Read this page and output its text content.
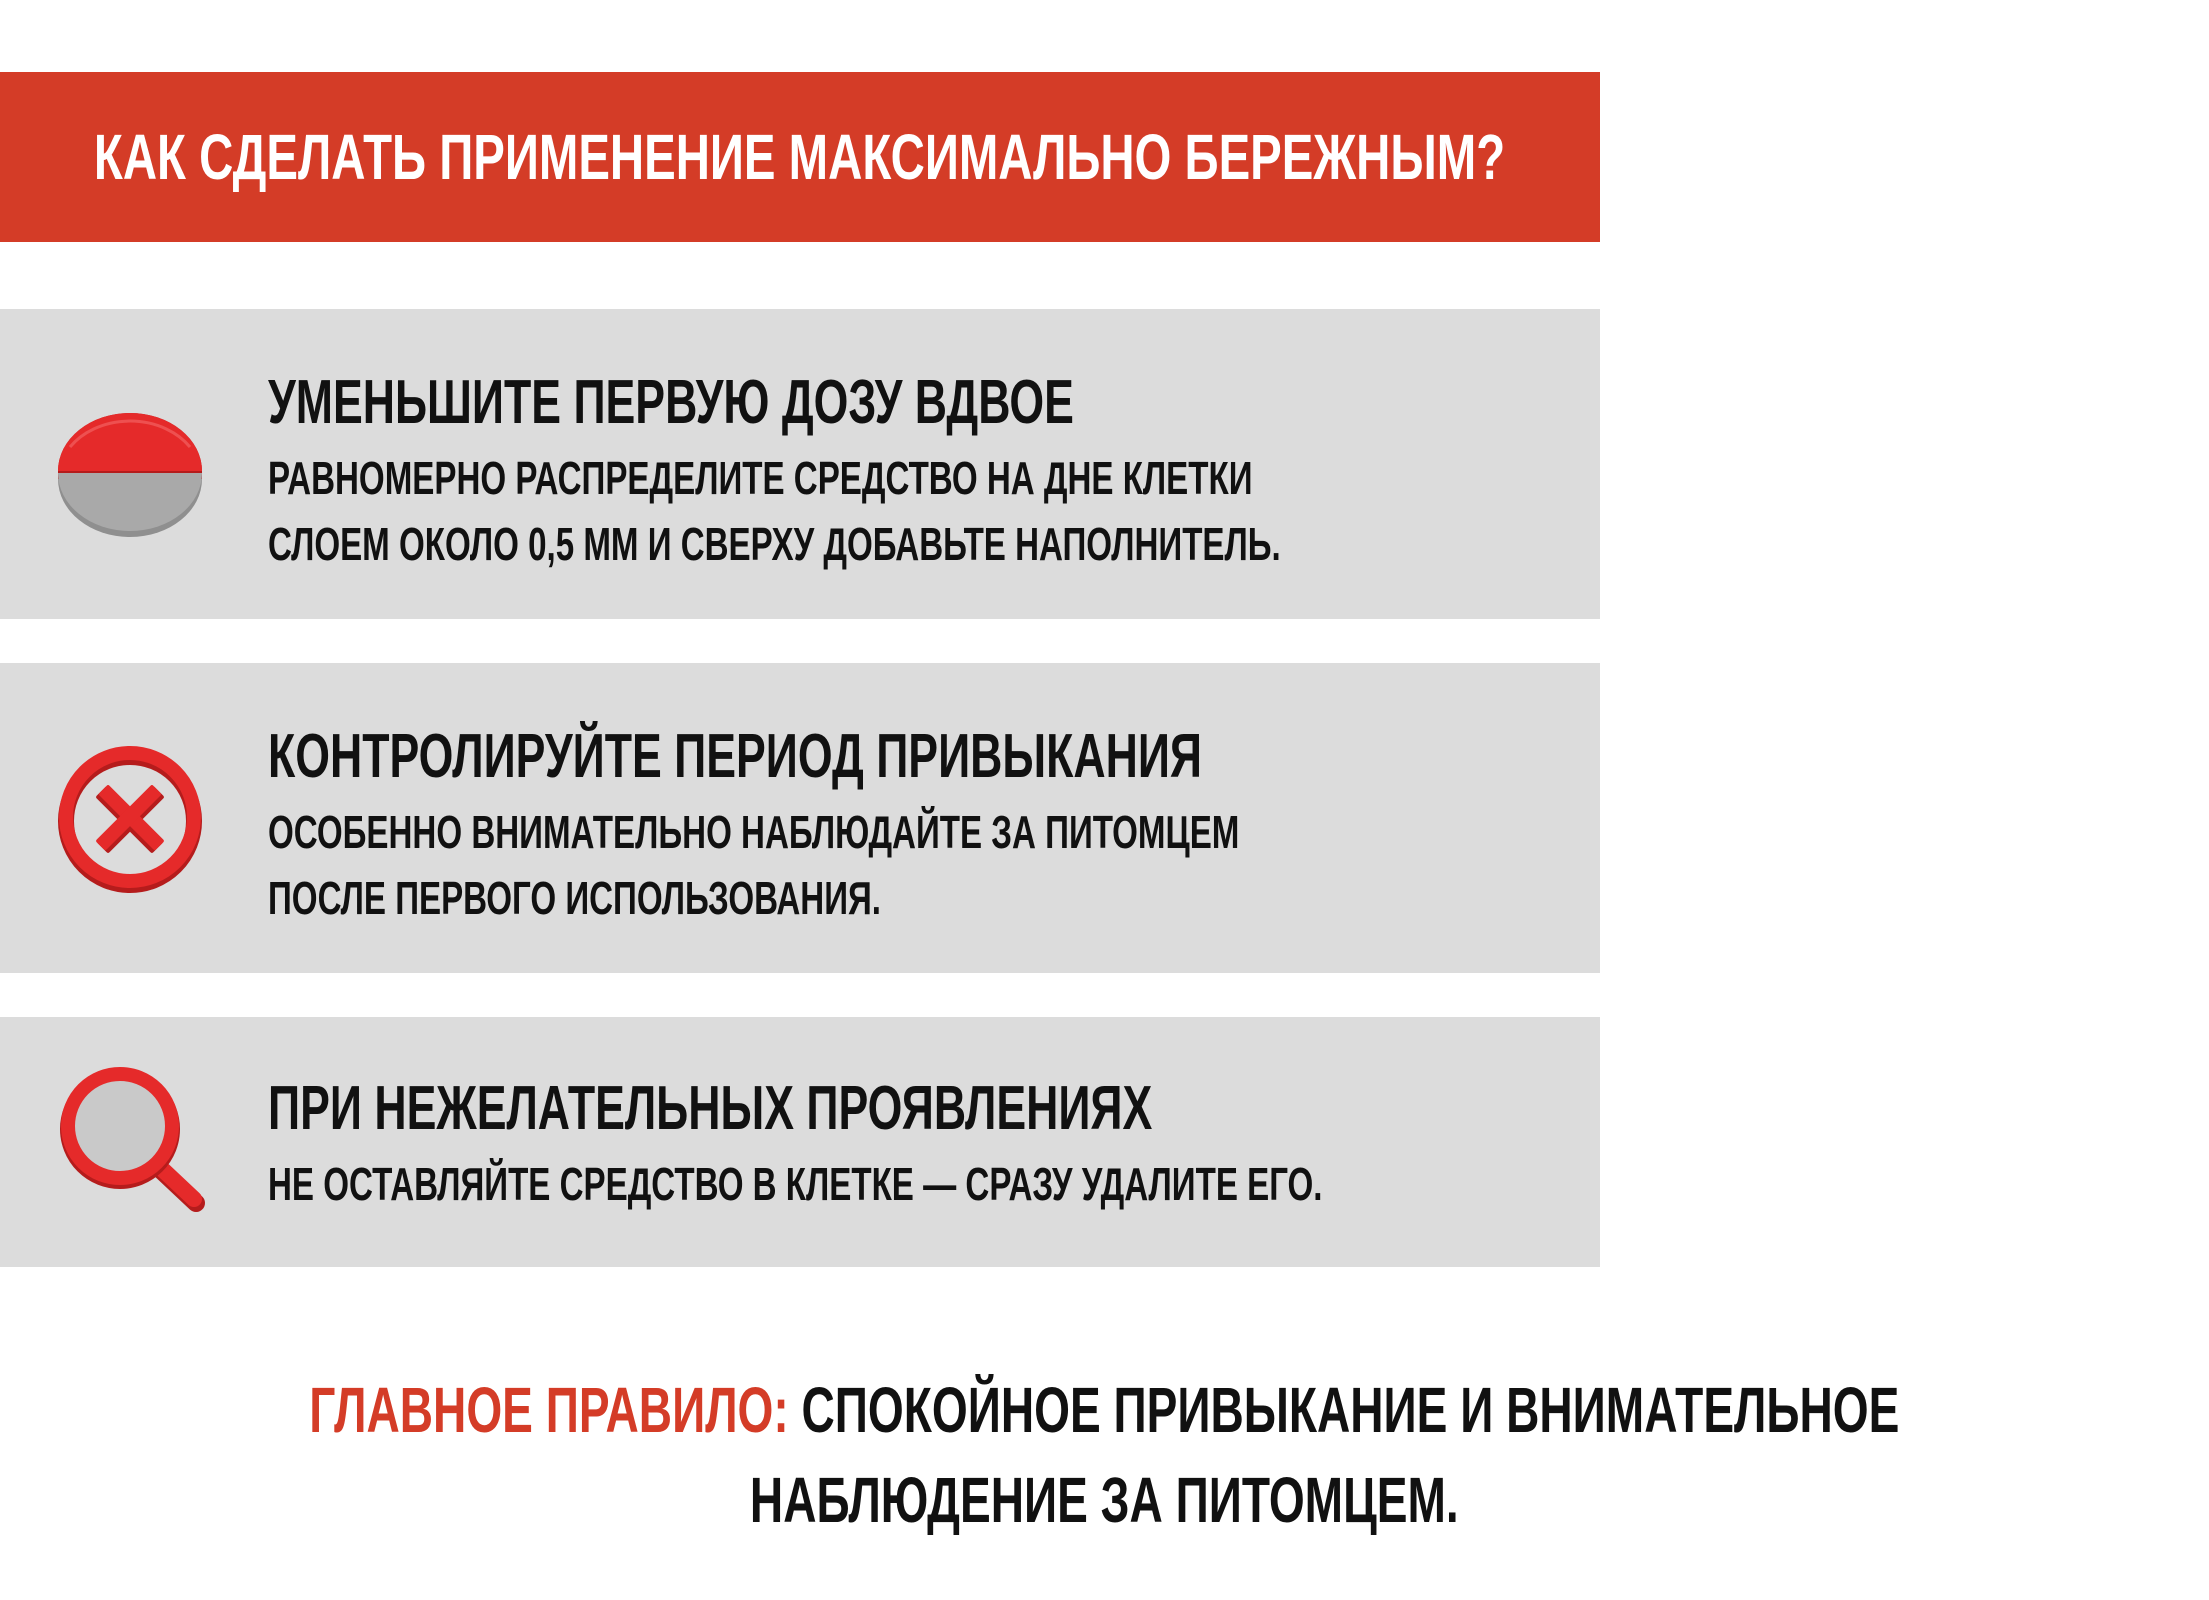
КАК СДЕЛАТЬ ПРИМЕНЕНИЕ МАКСИМАЛЬНО БЕРЕЖНЫМ?
УМЕНЬШИТЕ ПЕРВУЮ ДОЗУ ВДВОЕ
РАВНОМЕРНО РАСПРЕДЕЛИТЕ СРЕДСТВО НА ДНЕ КЛЕТКИ
СЛОЕМ ОКОЛО 0,5 ММ И СВЕРХУ ДОБАВЬТЕ НАПОЛНИТЕЛЬ.
КОНТРОЛИРУЙТЕ ПЕРИОД ПРИВЫКАНИЯ
ОСОБЕННО ВНИМАТЕЛЬНО НАБЛЮДАЙТЕ ЗА ПИТОМЦЕМ
ПОСЛЕ ПЕРВОГО ИСПОЛЬЗОВАНИЯ.
ПРИ НЕЖЕЛАТЕЛЬНЫХ ПРОЯВЛЕНИЯХ
НЕ ОСТАВЛЯЙТЕ СРЕДСТВО В КЛЕТКЕ — СРАЗУ УДАЛИТЕ ЕГО.
ГЛАВНОЕ ПРАВИЛО: СПОКОЙНОЕ ПРИВЫКАНИЕ И ВНИМАТЕЛЬНОЕ
НАБЛЮДЕНИЕ ЗА ПИТОМЦЕМ.
